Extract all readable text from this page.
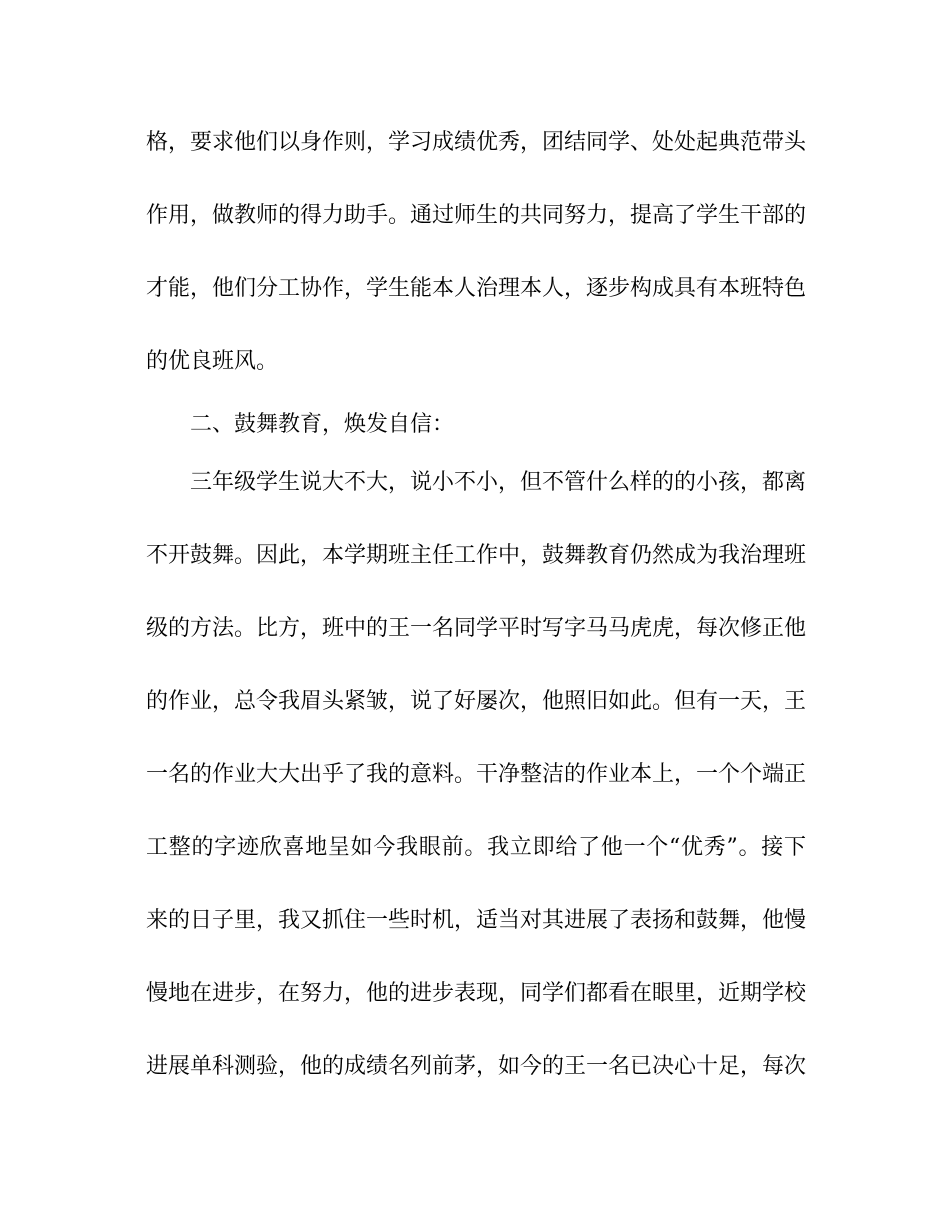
格，要求他们以身作则，学习成绩优秀，团结同学、处处起典范带头
作用，做教师的得力助手。通过师生的共同努力，提高了学生干部的
才能，他们分工协作，学生能本人治理本人，逐步构成具有本班特色
的优良班风。
二、鼓舞教育，焕发自信：
三年级学生说大不大，说小不小，但不管什么样的的小孩，都离
不开鼓舞。因此，本学期班主任工作中，鼓舞教育仍然成为我治理班
级的方法。比方，班中的王一名同学平时写字马马虎虎，每次修正他
的作业，总令我眉头紧皱，说了好屡次，他照旧如此。但有一天，王
一名的作业大大出乎了我的意料。干净整洁的作业本上，一个个端正
工整的字迹欣喜地呈如今我眼前。我立即给了他一个“优秀”。接下
来的日子里，我又抓住一些时机，适当对其进展了表扬和鼓舞，他慢
慢地在进步，在努力，他的进步表现，同学们都看在眼里，近期学校
进展单科测验，他的成绩名列前茅，如今的王一名已决心十足，每次
